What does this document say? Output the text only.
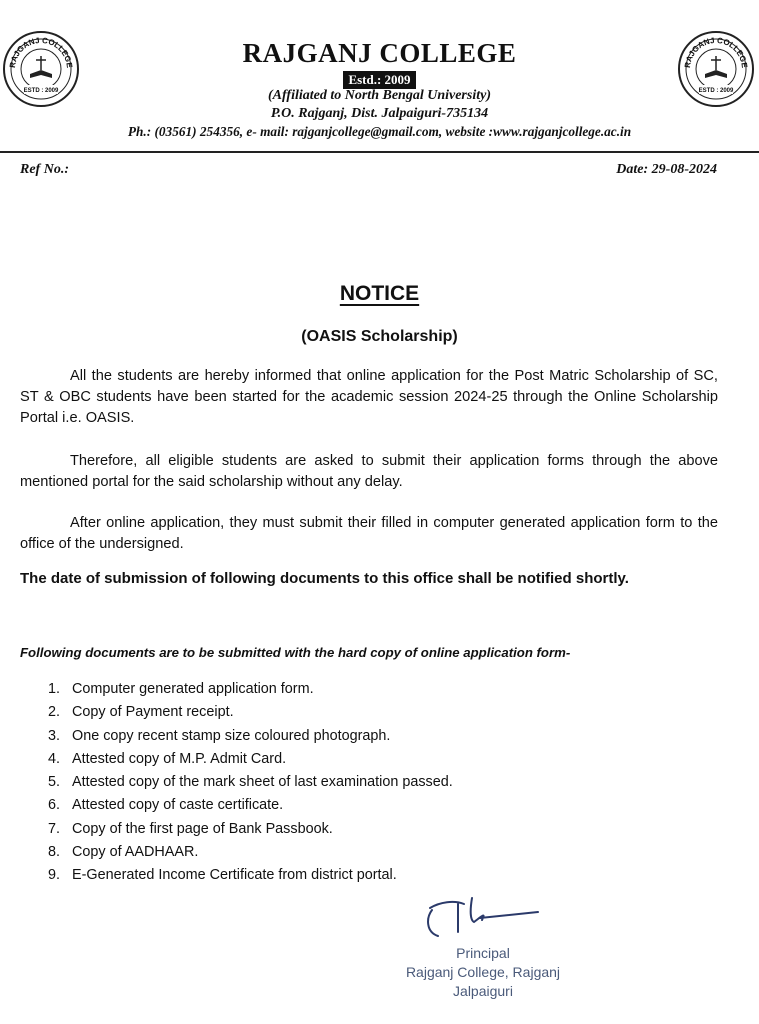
RAJGANJ COLLEGE
ESTD : 2009
RAJGANJ COLLEGE
ESTD : 2009
RAJGANJ COLLEGE
Estd.: 2009
(Affiliated to North Bengal University)
P.O. Rajganj, Dist. Jalpaiguri-735134
Ph.: (03561) 254356, e- mail: rajganjcollege@gmail.com, website :www.rajganjcollege.ac.in
Ref No.:	Date: 29-08-2024
NOTICE
(OASIS Scholarship)

All the students are hereby informed that online application for the Post Matric Scholarship of SC, ST & OBC students have been started for the academic session 2024-25 through the Online Scholarship Portal i.e. OASIS.

Therefore, all eligible students are asked to submit their application forms through the above mentioned portal for the said scholarship without any delay.

After online application, they must submit their filled in computer generated application form to the office of the undersigned.

The date of submission of following documents to this office shall be notified shortly.
Following documents are to be submitted with the hard copy of online application form-
1. Computer generated application form.
2. Copy of Payment receipt.
3. One copy recent stamp size coloured photograph.
4. Attested copy of M.P. Admit Card.
5. Attested copy of the mark sheet of last examination passed.
6. Attested copy of caste certificate.
7. Copy of the first page of Bank Passbook.
8. Copy of AADHAAR.
9. E-Generated Income Certificate from district portal.
Principal
Rajganj College, Rajganj
Jalpaiguri
